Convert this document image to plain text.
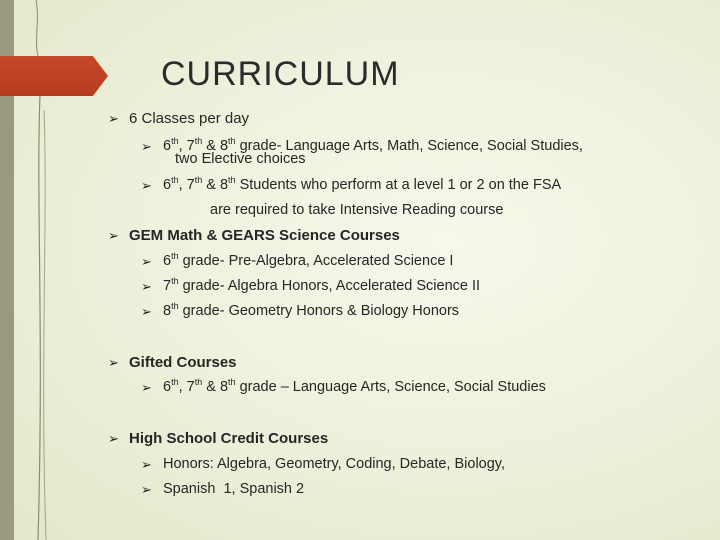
CURRICULUM
➢ 6 Classes per day
➢ 6th, 7th & 8th grade- Language Arts, Math, Science, Social Studies,
two Elective choices
➢ 6th, 7th & 8th Students who perform at a level 1 or 2 on the FSA
are required to take Intensive Reading course
➢ GEM Math & GEARS Science Courses
➢ 6th grade- Pre-Algebra, Accelerated Science I
➢ 7th grade- Algebra Honors, Accelerated Science II
➢ 8th grade- Geometry Honors & Biology Honors
➢ Gifted Courses
➢ 6th, 7th & 8th grade – Language Arts, Science, Social Studies
➢ High School Credit Courses
➢ Honors: Algebra, Geometry, Coding, Debate, Biology,
➢ Spanish  1, Spanish 2
